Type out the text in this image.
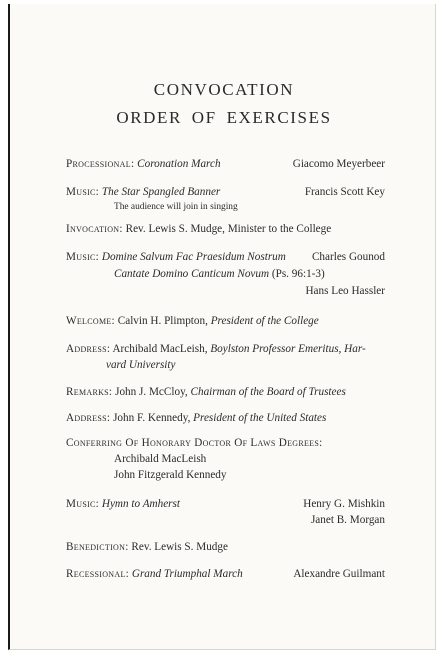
CONVOCATION
ORDER OF EXERCISES
Processional: Coronation March	Giacomo Meyerbeer
Music: The Star Spangled Banner	Francis Scott Key
The audience will join in singing
Invocation: Rev. Lewis S. Mudge, Minister to the College
Music: Domine Salvum Fac Praesidum Nostrum Charles Gounod
Cantate Domino Canticum Novum (Ps. 96:1-3)
Hans Leo Hassler
Welcome: Calvin H. Plimpton, President of the College
Address: Archibald MacLeish, Boylston Professor Emeritus, Har-
vard University
Remarks: John J. McCloy, Chairman of the Board of Trustees
Address: John F. Kennedy, President of the United States
Conferring Of Honorary Doctor Of Laws Degrees:
Archibald MacLeish
John Fitzgerald Kennedy
Music: Hymn to Amherst	Henry G. Mishkin
Janet B. Morgan
Benediction: Rev. Lewis S. Mudge
Recessional: Grand Triumphal March	Alexandre Guilmant
